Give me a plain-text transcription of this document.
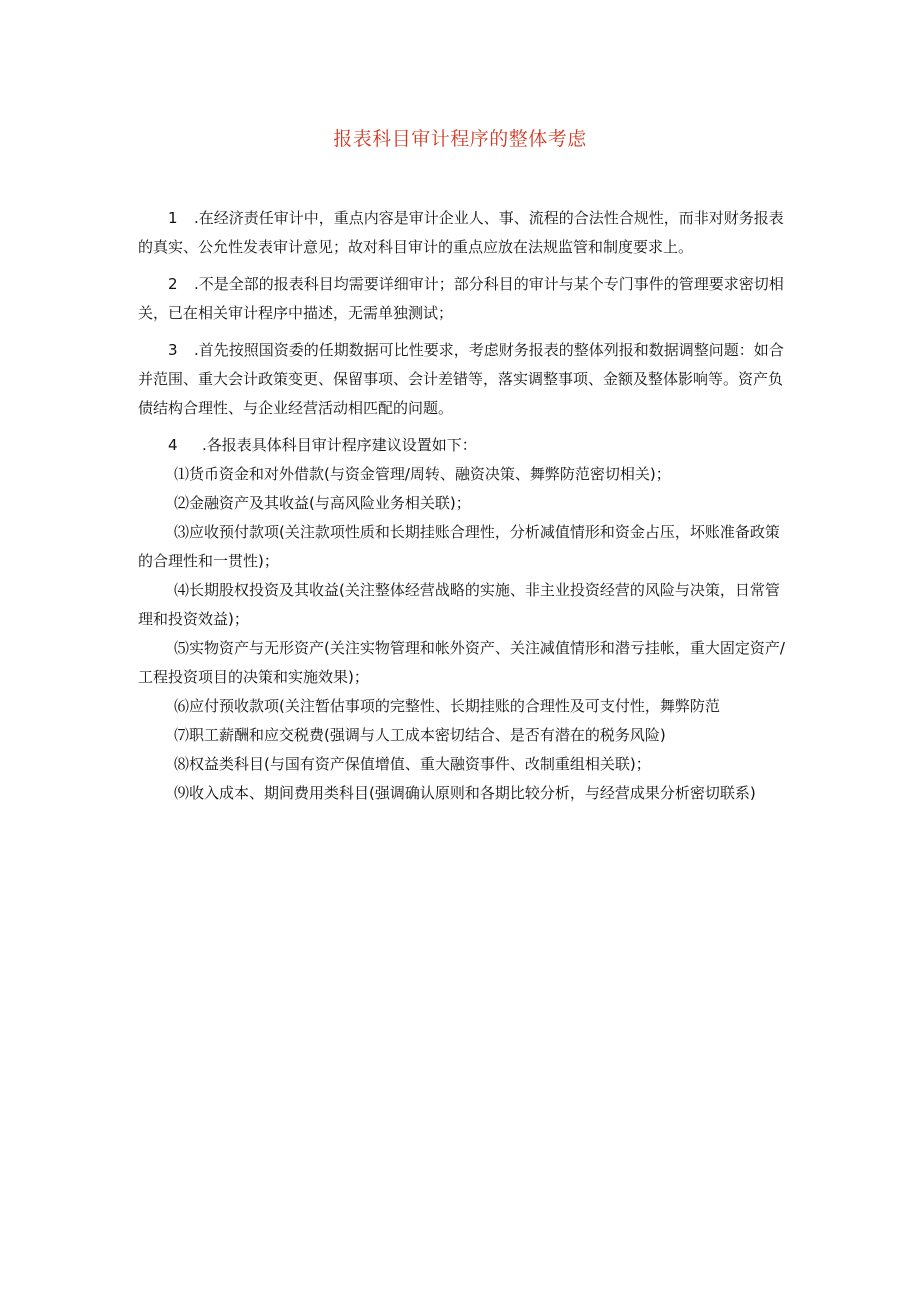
报表科目审计程序的整体考虑

1 .在经济责任审计中，重点内容是审计企业人、事、流程的合法性合规性，而非对财务报表的真实、公允性发表审计意见；故对科目审计的重点应放在法规监管和制度要求上。

2 .不是全部的报表科目均需要详细审计；部分科目的审计与某个专门事件的管理要求密切相关，已在相关审计程序中描述，无需单独测试；

3 .首先按照国资委的任期数据可比性要求，考虑财务报表的整体列报和数据调整问题：如合并范围、重大会计政策变更、保留事项、会计差错等，落实调整事项、金额及整体影响等。资产负债结构合理性、与企业经营活动相匹配的问题。

4 .各报表具体科目审计程序建议设置如下：

⑴货币资金和对外借款(与资金管理/周转、融资决策、舞弊防范密切相关)；

⑵金融资产及其收益(与高风险业务相关联)；

⑶应收预付款项(关注款项性质和长期挂账合理性，分析减值情形和资金占压，坏账准备政策的合理性和一贯性)；

⑷长期股权投资及其收益(关注整体经营战略的实施、非主业投资经营的风险与决策，日常管理和投资效益)；

⑸实物资产与无形资产(关注实物管理和帐外资产、关注减值情形和潜亏挂帐，重大固定资产/工程投资项目的决策和实施效果)；

⑹应付预收款项(关注暂估事项的完整性、长期挂账的合理性及可支付性，舞弊防范

⑺职工薪酬和应交税费(强调与人工成本密切结合、是否有潜在的税务风险)

⑻权益类科目(与国有资产保值增值、重大融资事件、改制重组相关联)；

⑼收入成本、期间费用类科目(强调确认原则和各期比较分析，与经营成果分析密切联系)
